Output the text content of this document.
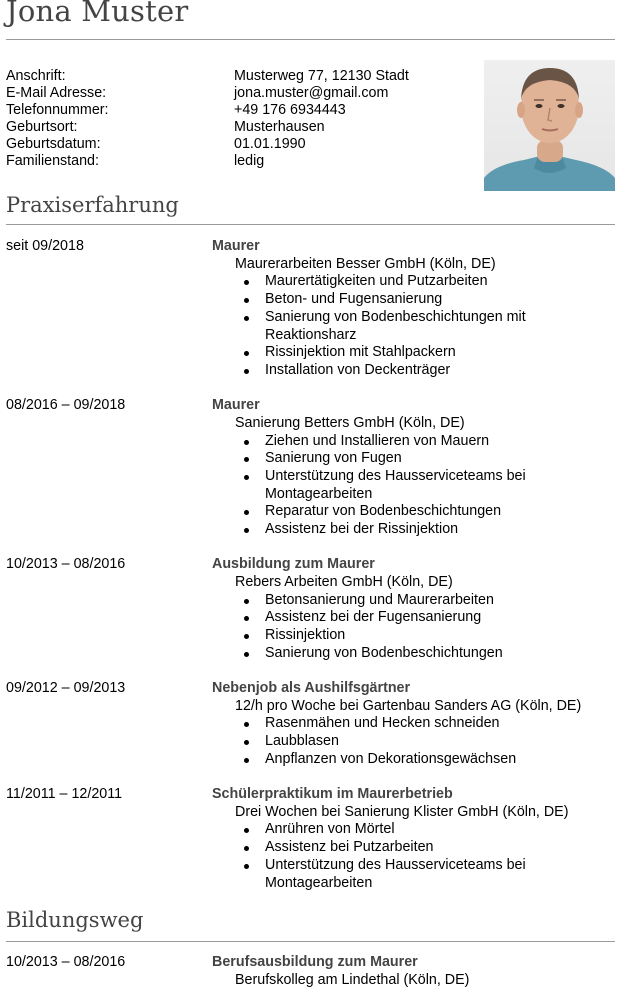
Jona Muster
Anschrift:	Musterweg 77, 12130 Stadt
E-Mail Adresse:	jona.muster@gmail.com
Telefonnummer:	+49 176 6934443
Geburtsort:	Musterhausen
Geburtsdatum:	01.01.1990
Familienstand:	ledig
Praxiserfahrung
seit 09/2018	Maurer
Maurerarbeiten Besser GmbH (Köln, DE)
Maurertätigkeiten und Putzarbeiten
Beton- und Fugensanierung
Sanierung von Bodenbeschichtungen mit Reaktionsharz
Rissinjektion mit Stahlpackern
Installation von Deckenträger
08/2016 – 09/2018	Maurer
Sanierung Betters GmbH (Köln, DE)
Ziehen und Installieren von Mauern
Sanierung von Fugen
Unterstützung des Hausserviceteams bei Montagearbeiten
Reparatur von Bodenbeschichtungen
Assistenz bei der Rissinjektion
10/2013 – 08/2016	Ausbildung zum Maurer
Rebers Arbeiten GmbH (Köln, DE)
Betonsanierung und Maurerarbeiten
Assistenz bei der Fugensanierung
Rissinjektion
Sanierung von Bodenbeschichtungen
09/2012 – 09/2013	Nebenjob als Aushilfsgärtner
12/h pro Woche bei Gartenbau Sanders AG (Köln, DE)
Rasenmähen und Hecken schneiden
Laubblasen
Anpflanzen von Dekorationsgewächsen
11/2011 – 12/2011	Schülerpraktikum im Maurerbetrieb
Drei Wochen bei Sanierung Klister GmbH (Köln, DE)
Anrühren von Mörtel
Assistenz bei Putzarbeiten
Unterstützung des Hausserviceteams bei Montagearbeiten
Bildungsweg
10/2013 – 08/2016	Berufsausbildung zum Maurer
Berufskolleg am Lindethal (Köln, DE)
